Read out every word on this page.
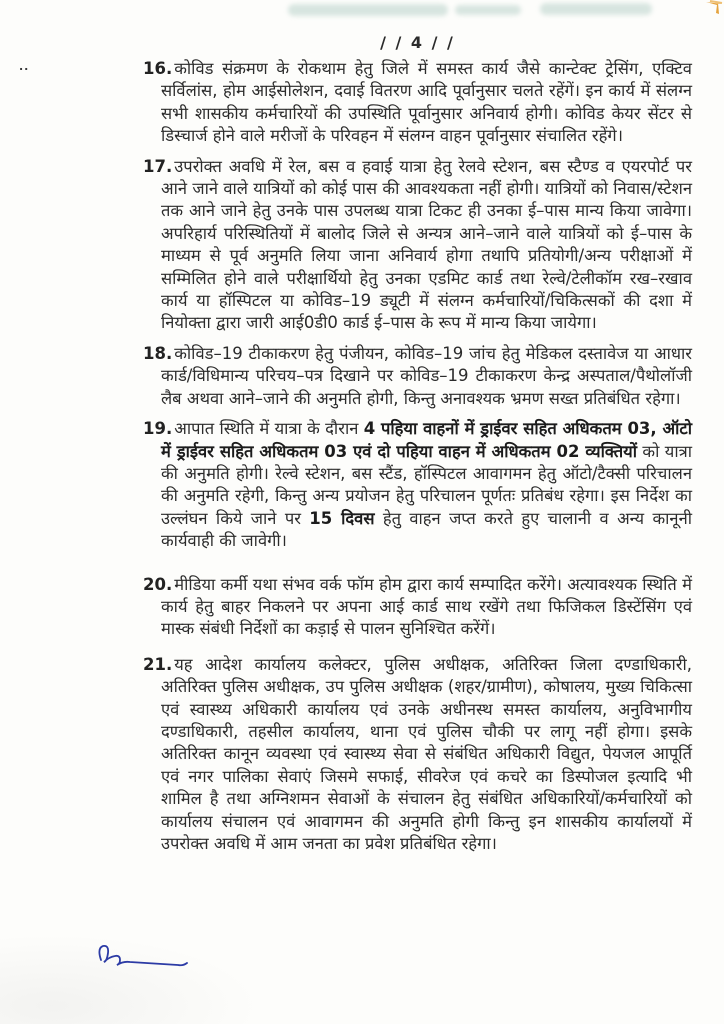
..
/ / 4 / /
16. कोविड संक्रमण के रोकथाम हेतु जिले में समस्त कार्य जैसे कान्टेक्ट ट्रेसिंग, एक्टिव सर्विलांस, होम आईसोलेशन, दवाई वितरण आदि पूर्वानुसार चलते रहेंगें। इन कार्य में संलग्न सभी शासकीय कर्मचारियों की उपस्थिति पूर्वानुसार अनिवार्य होगी। कोविड केयर सेंटर से डिस्चार्ज होने वाले मरीजों के परिवहन में संलग्न वाहन पूर्वानुसार संचालित रहेंगे।
17. उपरोक्त अवधि में रेल, बस व हवाई यात्रा हेतु रेलवे स्टेशन, बस स्टैण्ड व एयरपोर्ट पर आने जाने वाले यात्रियों को कोई पास की आवश्यकता नहीं होगी। यात्रियों को निवास/स्टेशन तक आने जाने हेतु उनके पास उपलब्ध यात्रा टिकट ही उनका ई–पास मान्य किया जावेगा। अपरिहार्य परिस्थितियों में बालोद जिले से अन्यत्र आने–जाने वाले यात्रियों को ई–पास के माध्यम से पूर्व अनुमति लिया जाना अनिवार्य होगा तथापि प्रतियोगी/अन्य परीक्षाओं में सम्मिलित होने वाले परीक्षार्थियो हेतु उनका एडमिट कार्ड तथा रेल्वे/टेलीकॉम रख–रखाव कार्य या हॉस्पिटल या कोविड–19 ड्यूटी में संलग्न कर्मचारियों/चिकित्सकों की दशा में नियोक्ता द्वारा जारी आई0डी0 कार्ड ई–पास के रूप में मान्य किया जायेगा।
18. कोविड–19 टीकाकरण हेतु पंजीयन, कोविड–19 जांच हेतु मेडिकल दस्तावेज या आधार कार्ड/विधिमान्य परिचय–पत्र दिखाने पर कोविड–19 टीकाकरण केन्द्र अस्पताल/पैथोलॉजी लैब अथवा आने–जाने की अनुमति होगी, किन्तु अनावश्यक भ्रमण सख्त प्रतिबंधित रहेगा।
19. आपात स्थिति में यात्रा के दौरान 4 पहिया वाहनों में ड्राईवर सहित अधिकतम 03, ऑटो में ड्राईवर सहित अधिकतम 03 एवं दो पहिया वाहन में अधिकतम 02 व्यक्तियों को यात्रा की अनुमति होगी। रेल्वे स्टेशन, बस स्टैंड, हॉस्पिटल आवागमन हेतु ऑटो/टैक्सी परिचालन की अनुमति रहेगी, किन्तु अन्य प्रयोजन हेतु परिचालन पूर्णतः प्रतिबंध रहेगा। इस निर्देश का उल्लंघन किये जाने पर 15 दिवस हेतु वाहन जप्त करते हुए चालानी व अन्य कानूनी कार्यवाही की जावेगी।
20. मीडिया कर्मी यथा संभव वर्क फॉम होम द्वारा कार्य सम्पादित करेंगे। अत्यावश्यक स्थिति में कार्य हेतु बाहर निकलने पर अपना आई कार्ड साथ रखेंगे तथा फिजिकल डिस्टेंसिंग एवं मास्क संबंधी निर्देशों का कड़ाई से पालन सुनिश्चित करेंगें।
21. यह आदेश कार्यालय कलेक्टर, पुलिस अधीक्षक, अतिरिक्त जिला दण्डाधिकारी, अतिरिक्त पुलिस अधीक्षक, उप पुलिस अधीक्षक (शहर/ग्रामीण), कोषालय, मुख्य चिकित्सा एवं स्वास्थ्य अधिकारी कार्यालय एवं उनके अधीनस्थ समस्त कार्यालय, अनुविभागीय दण्डाधिकारी, तहसील कार्यालय, थाना एवं पुलिस चौकी पर लागू नहीं होगा। इसके अतिरिक्त कानून व्यवस्था एवं स्वास्थ्य सेवा से संबंधित अधिकारी विद्युत, पेयजल आपूर्ति एवं नगर पालिका सेवाएं जिसमे सफाई, सीवरेज एवं कचरे का डिस्पोजल इत्यादि भी शामिल है तथा अग्निशमन सेवाओं के संचालन हेतु संबंधित अधिकारियों/कर्मचारियों को कार्यालय संचालन एवं आवागमन की अनुमति होगी किन्तु इन शासकीय कार्यालयों में उपरोक्त अवधि में आम जनता का प्रवेश प्रतिबंधित रहेगा।
